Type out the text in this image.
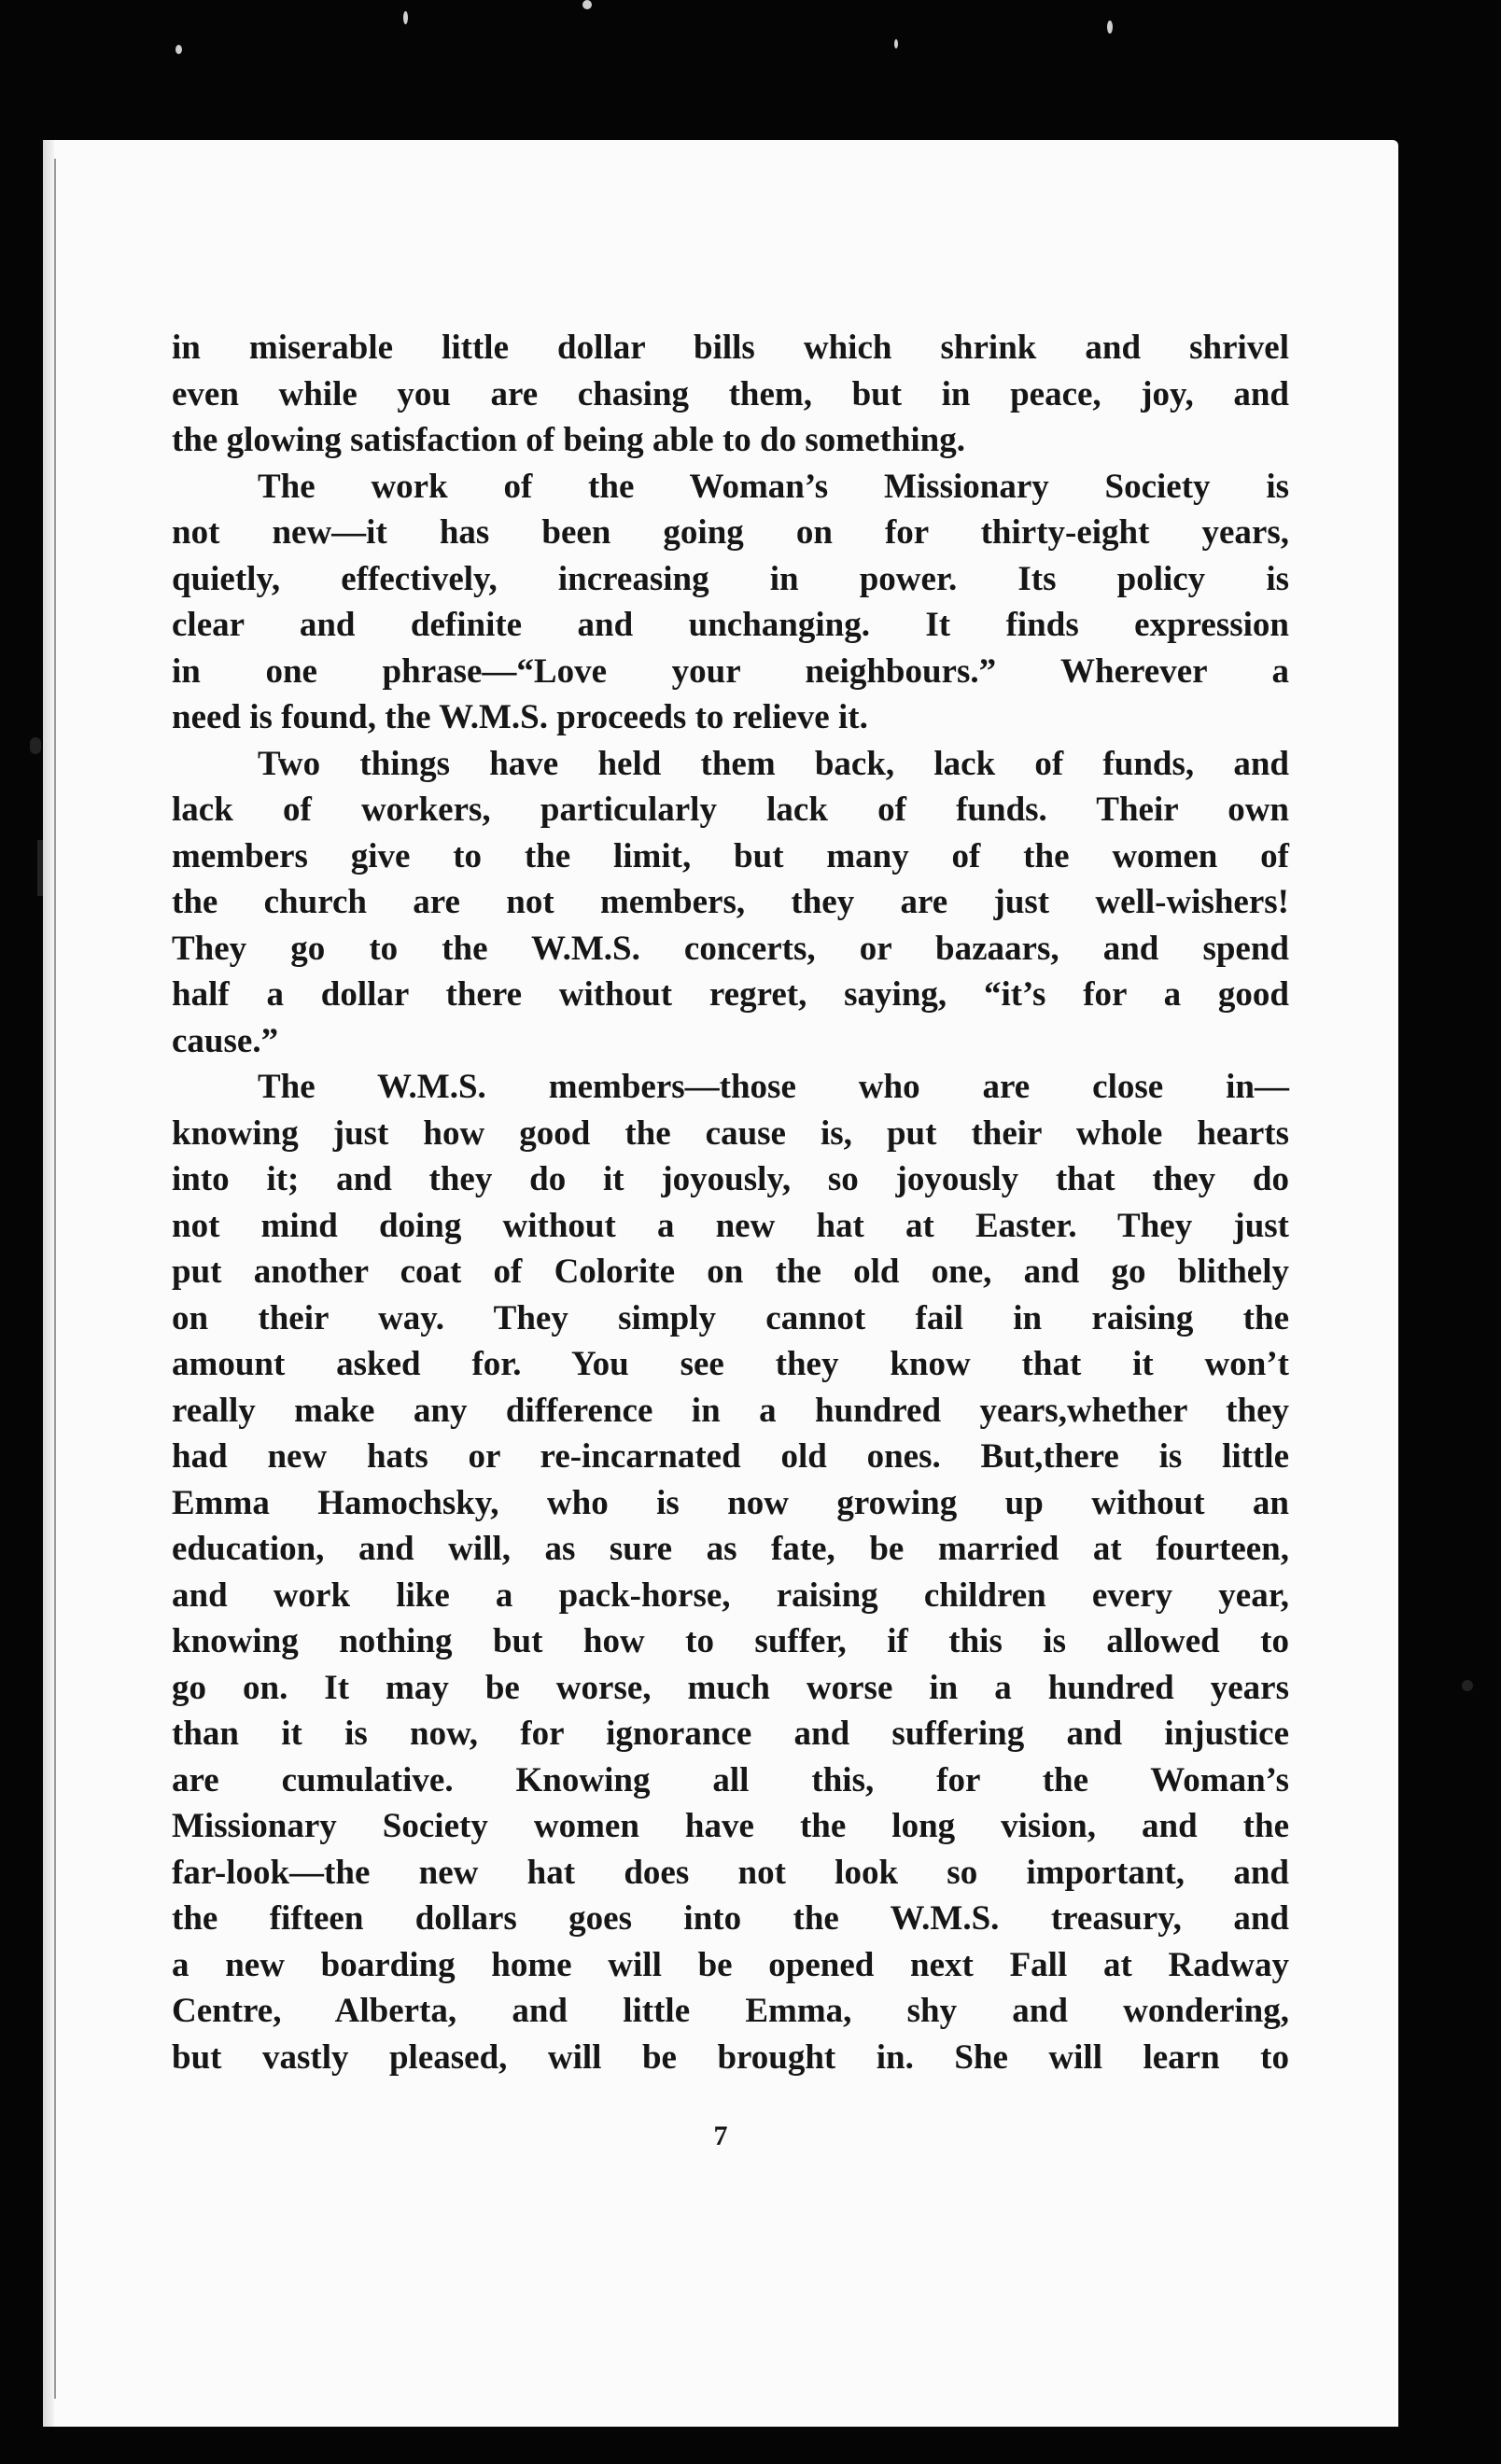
in miserable little dollar bills which shrink and shrivel
even while you are chasing them, but in peace, joy, and
the glowing satisfaction of being able to do something.
The work of the Woman’s Missionary Society is
not new—it has been going on for thirty-eight years,
quietly, effectively, increasing in power. Its policy is
clear and definite and unchanging. It finds expression
in one phrase—“Love your neighbours.” Wherever a
need is found, the W.M.S. proceeds to relieve it.
Two things have held them back, lack of funds, and
lack of workers, particularly lack of funds. Their own
members give to the limit, but many of the women of
the church are not members, they are just well-wishers!
They go to the W.M.S. concerts, or bazaars, and spend
half a dollar there without regret, saying, “it’s for a good
cause.”
The W.M.S. members—those who are close in—
knowing just how good the cause is, put their whole hearts
into it; and they do it joyously, so joyously that they do
not mind doing without a new hat at Easter. They just
put another coat of Colorite on the old one, and go blithely
on their way. They simply cannot fail in raising the
amount asked for. You see they know that it won’t
really make any difference in a hundred years,whether they
had new hats or re-incarnated old ones. But,there is little
Emma Hamochsky, who is now growing up without an
education, and will, as sure as fate, be married at fourteen,
and work like a pack-horse, raising children every year,
knowing nothing but how to suffer, if this is allowed to
go on. It may be worse, much worse in a hundred years
than it is now, for ignorance and suffering and injustice
are cumulative. Knowing all this, for the Woman’s
Missionary Society women have the long vision, and the
far-look—the new hat does not look so important, and
the fifteen dollars goes into the W.M.S. treasury, and
a new boarding home will be opened next Fall at Radway
Centre, Alberta, and little Emma, shy and wondering,
but vastly pleased, will be brought in. She will learn to
7
